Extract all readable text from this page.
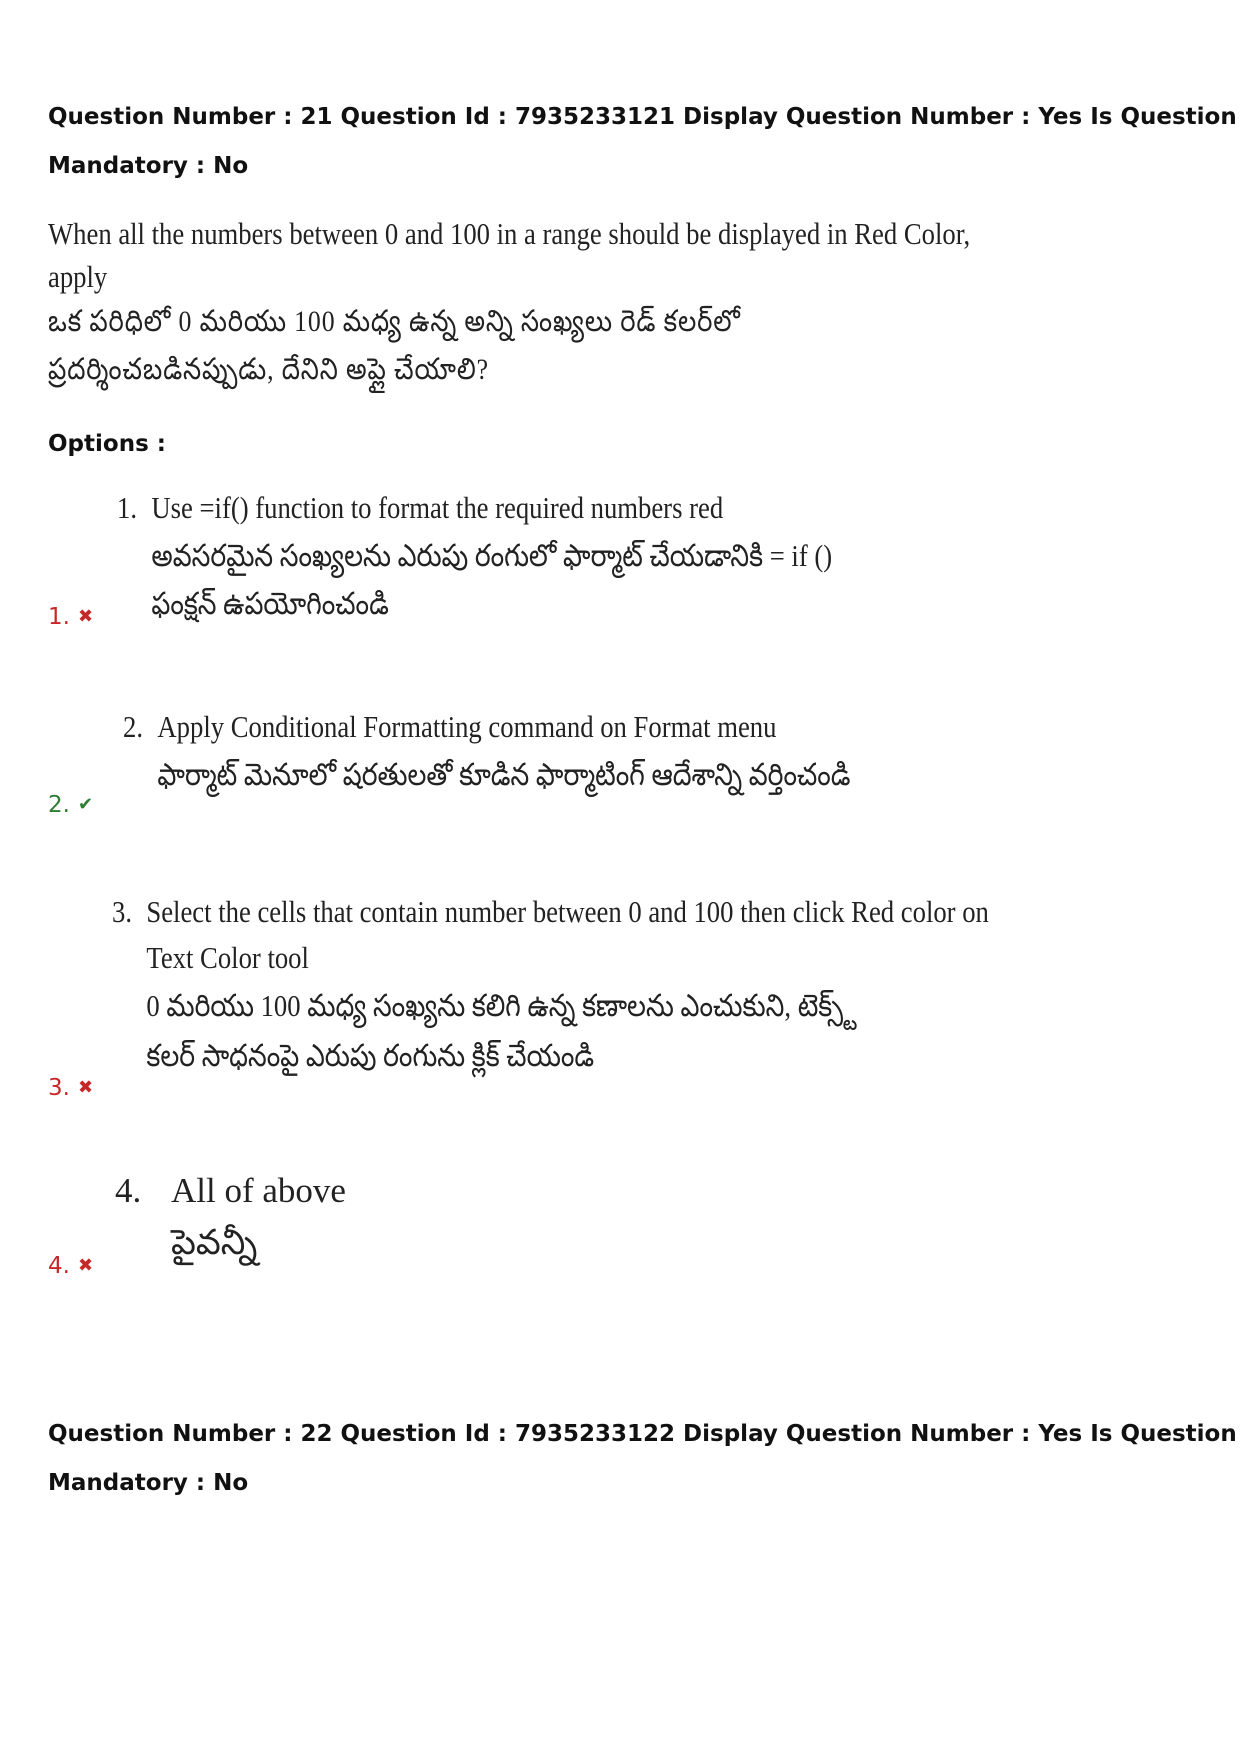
Question Number : 21 Question Id : 7935233121 Display Question Number : Yes Is Question
Mandatory : No
When all the numbers between 0 and 100 in a range should be displayed in Red Color,
apply
ఒక పరిధిలో 0 మరియు 100 మధ్య ఉన్న అన్ని సంఖ్యలు రెడ్ కలర్‌లో
ప్రదర్శించబడినప్పుడు, దేనిని అప్లై చేయాలి?
Options :
1. Use =if() function to format the required numbers red
అవసరమైన సంఖ్యలను ఎరుపు రంగులో ఫార్మాట్ చేయడానికి = if ()
ఫంక్షన్ ఉపయోగించండి
1. ✖
2. Apply Conditional Formatting command on Format menu
ఫార్మాట్ మెనూలో షరతులతో కూడిన ఫార్మాటింగ్ ఆదేశాన్ని వర్తించండి
2. ✔
3. Select the cells that contain number between 0 and 100 then click Red color on
Text Color tool
0 మరియు 100 మధ్య సంఖ్యను కలిగి ఉన్న కణాలను ఎంచుకుని, టెక్స్ట్
కలర్ సాధనంపై ఎరుపు రంగును క్లిక్ చేయండి
3. ✖
4. All of above
పైవన్నీ
4. ✖
Question Number : 22 Question Id : 7935233122 Display Question Number : Yes Is Question
Mandatory : No
